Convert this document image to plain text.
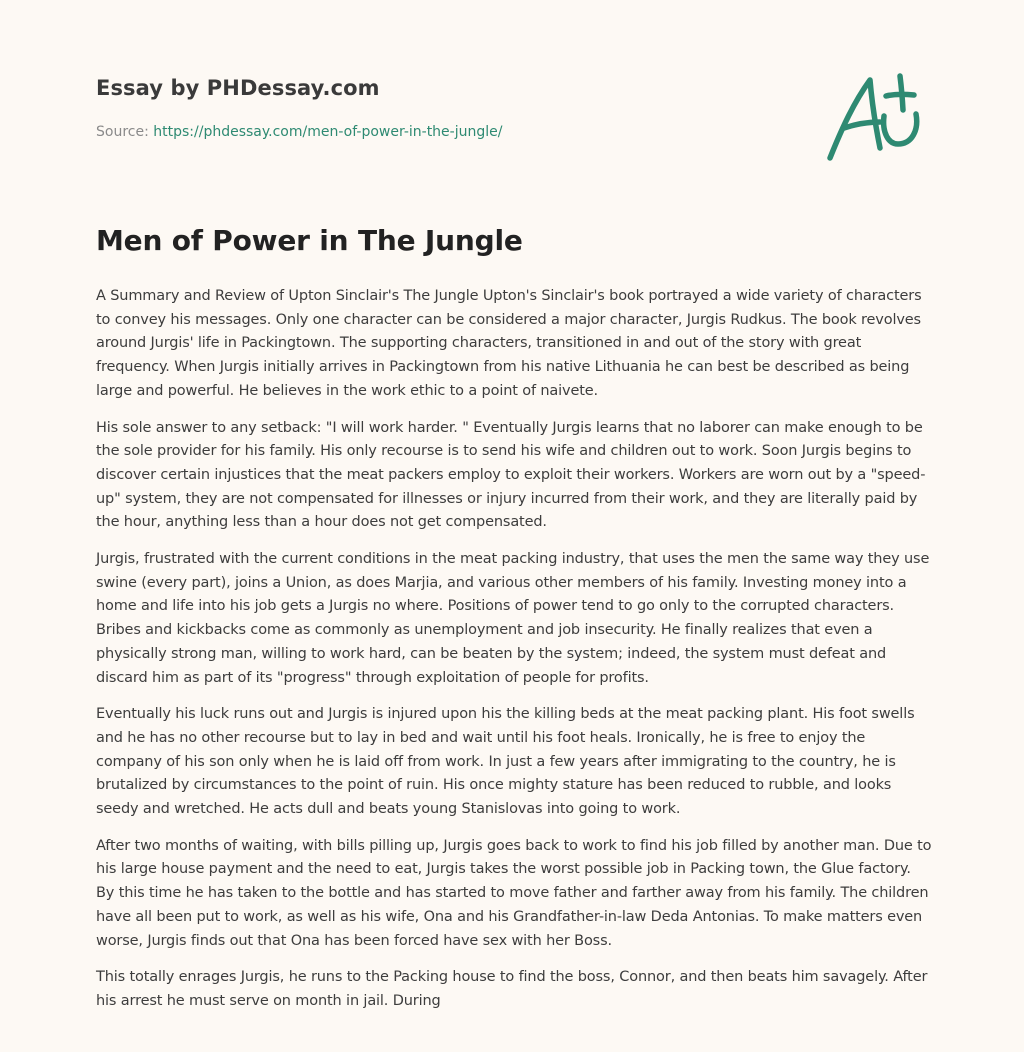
Essay by PHDessay.com
Source: https://phdessay.com/men-of-power-in-the-jungle/
Men of Power in The Jungle

A Summary and Review of Upton Sinclair's The Jungle Upton's Sinclair's book portrayed a wide variety of characters to convey his messages. Only one character can be considered a major character, Jurgis Rudkus. The book revolves around Jurgis' life in Packingtown. The supporting characters, transitioned in and out of the story with great frequency. When Jurgis initially arrives in Packingtown from his native Lithuania he can best be described as being large and powerful. He believes in the work ethic to a point of naivete.

His sole answer to any setback: "I will work harder. " Eventually Jurgis learns that no laborer can make enough to be the sole provider for his family. His only recourse is to send his wife and children out to work. Soon Jurgis begins to discover certain injustices that the meat packers employ to exploit their workers. Workers are worn out by a "speed-up" system, they are not compensated for illnesses or injury incurred from their work, and they are literally paid by the hour, anything less than a hour does not get compensated.

Jurgis, frustrated with the current conditions in the meat packing industry, that uses the men the same way they use swine (every part), joins a Union, as does Marjia, and various other members of his family. Investing money into a home and life into his job gets a Jurgis no where. Positions of power tend to go only to the corrupted characters. Bribes and kickbacks come as commonly as unemployment and job insecurity. He finally realizes that even a physically strong man, willing to work hard, can be beaten by the system; indeed, the system must defeat and discard him as part of its "progress" through exploitation of people for profits.

Eventually his luck runs out and Jurgis is injured upon his the killing beds at the meat packing plant. His foot swells and he has no other recourse but to lay in bed and wait until his foot heals. Ironically, he is free to enjoy the company of his son only when he is laid off from work. In just a few years after immigrating to the country, he is brutalized by circumstances to the point of ruin. His once mighty stature has been reduced to rubble, and looks seedy and wretched. He acts dull and beats young Stanislovas into going to work.

After two months of waiting, with bills pilling up, Jurgis goes back to work to find his job filled by another man. Due to his large house payment and the need to eat, Jurgis takes the worst possible job in Packing town, the Glue factory. By this time he has taken to the bottle and has started to move father and farther away from his family. The children have all been put to work, as well as his wife, Ona and his Grandfather-in-law Deda Antonias. To make matters even worse, Jurgis finds out that Ona has been forced have sex with her Boss.

This totally enrages Jurgis, he runs to the Packing house to find the boss, Connor, and then beats him savagely. After his arrest he must serve on month in jail. During
